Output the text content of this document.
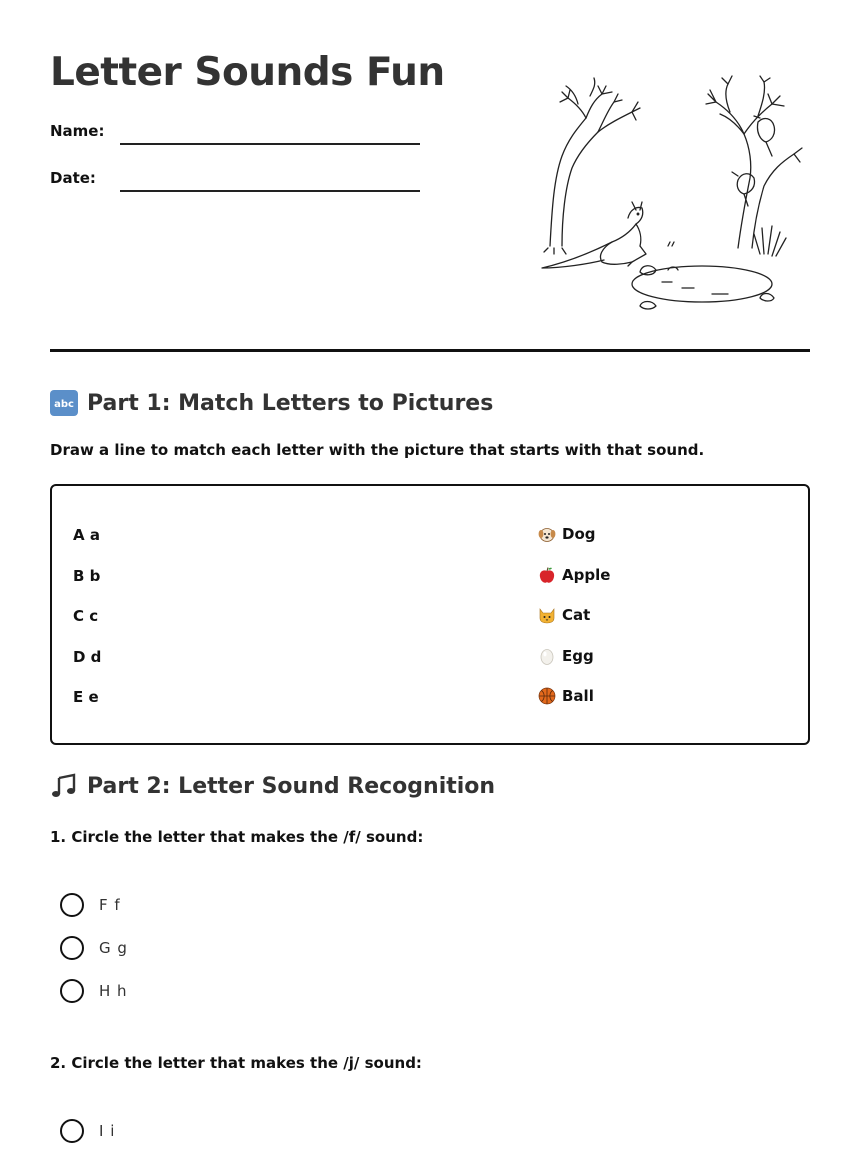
Letter Sounds Fun
Name:
Date:
abc Part 1: Match Letters to Pictures
Draw a line to match each letter with the picture that starts with that sound.
A a
B b
C c
D d
E e
Dog
Apple
Cat
Egg
Ball
Part 2: Letter Sound Recognition
1. Circle the letter that makes the /f/ sound:
F f
G g
H h
2. Circle the letter that makes the /j/ sound:
I i
